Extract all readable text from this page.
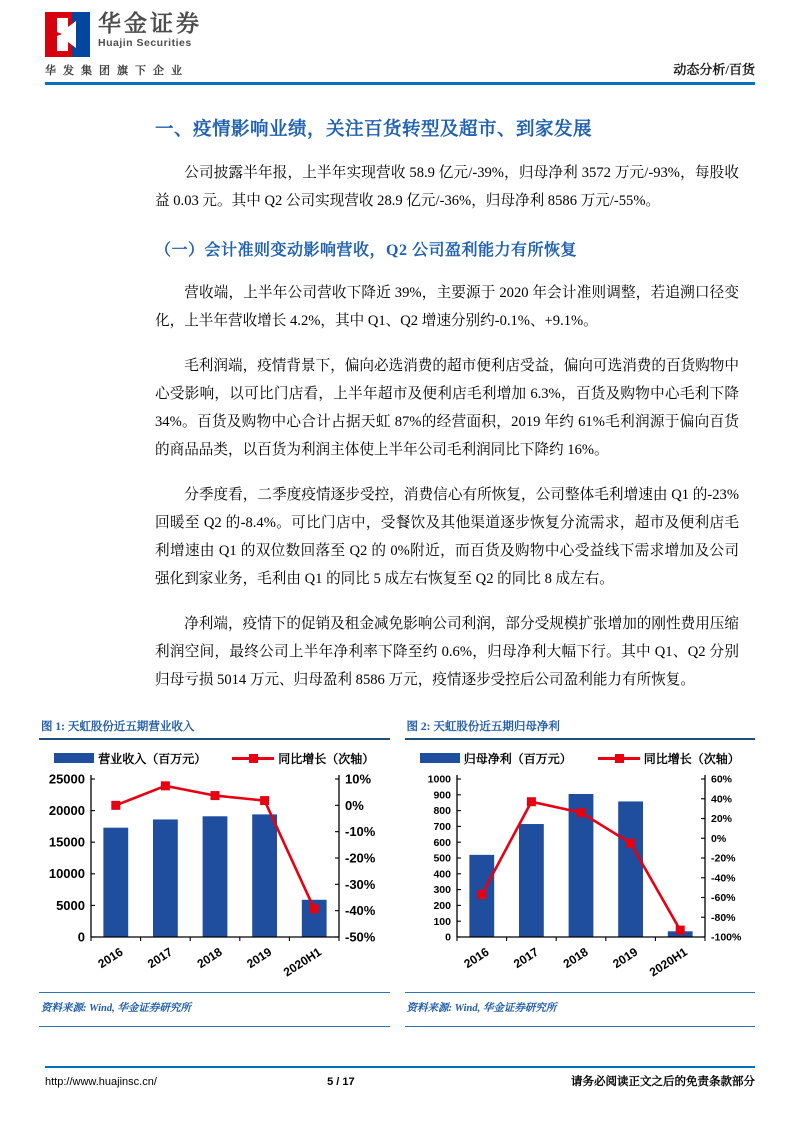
华金证券
Huajin Securities
华发集团旗下企业	动态分析/百货
一、疫情影响业绩，关注百货转型及超市、到家发展

公司披露半年报，上半年实现营收 58.9 亿元/-39%，归母净利 3572 万元/-93%，每股收益 0.03 元。其中 Q2 公司实现营收 28.9 亿元/-36%，归母净利 8586 万元/-55%。

（一）会计准则变动影响营收，Q2 公司盈利能力有所恢复

营收端，上半年公司营收下降近 39%，主要源于 2020 年会计准则调整，若追溯口径变化，上半年营收增长 4.2%，其中 Q1、Q2 增速分别约-0.1%、+9.1%。

毛利润端，疫情背景下，偏向必选消费的超市便利店受益，偏向可选消费的百货购物中心受影响，以可比门店看，上半年超市及便利店毛利增加 6.3%，百货及购物中心毛利下降 34%。百货及购物中心合计占据天虹 87%的经营面积，2019 年约 61%毛利润源于偏向百货的商品品类，以百货为利润主体使上半年公司毛利润同比下降约 16%。

分季度看，二季度疫情逐步受控，消费信心有所恢复，公司整体毛利增速由 Q1 的-23%回暖至 Q2 的-8.4%。可比门店中，受餐饮及其他渠道逐步恢复分流需求，超市及便利店毛利增速由 Q1 的双位数回落至 Q2 的 0%附近，而百货及购物中心受益线下需求增加及公司强化到家业务，毛利由 Q1 的同比 5 成左右恢复至 Q2 的同比 8 成左右。

净利端，疫情下的促销及租金减免影响公司利润，部分受规模扩张增加的刚性费用压缩利润空间，最终公司上半年净利率下降至约 0.6%，归母净利大幅下行。其中 Q1、Q2 分别归母亏损 5014 万元、归母盈利 8586 万元，疫情逐步受控后公司盈利能力有所恢复。

图 1: 天虹股份近五期营业收入
营业收入（百万元）	同比增长（次轴）
0
5000
10000
15000
20000
25000
-50%
-40%
-30%
-20%
-10%
0%
10%
2016 2017 2018 2019 2020H1
资料来源: Wind, 华金证券研究所
图 2: 天虹股份近五期归母净利
归母净利（百万元）	同比增长（次轴）
0
100
200
300
400
500
600
700
800
900
1000
-100%
-80%
-60%
-40%
-20%
0%
20%
40%
60%
2016 2017 2018 2019 2020H1
资料来源: Wind, 华金证券研究所
http://www.huajinsc.cn/	5 / 17	请务必阅读正文之后的免责条款部分
